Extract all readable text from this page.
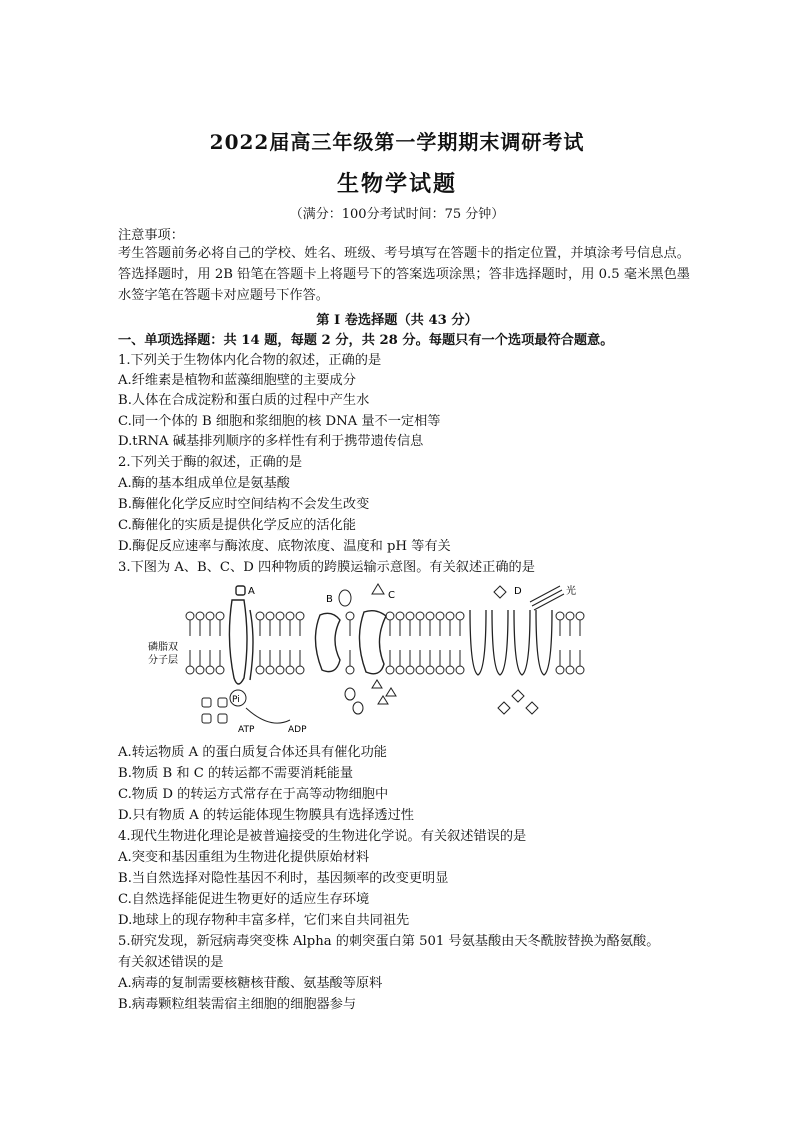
2022届高三年级第一学期期末调研考试
生物学试题
（满分：100分考试时间：75 分钟）
注意事项：
考生答题前务必将自己的学校、姓名、班级、考号填写在答题卡的指定位置，并填涂考号信息点。答选择题时，用 2B 铅笔在答题卡上将题号下的答案选项涂黑；答非选择题时，用 0.5 毫米黑色墨水签字笔在答题卡对应题号下作答。
第 I 卷选择题（共 43 分）
一、单项选择题：共 14 题，每题 2 分，共 28 分。每题只有一个选项最符合题意。
1.下列关于生物体内化合物的叙述，正确的是
A.纤维素是植物和蓝藻细胞壁的主要成分
B.人体在合成淀粉和蛋白质的过程中产生水
C.同一个体的 B 细胞和浆细胞的核 DNA 量不一定相等
D.tRNA 碱基排列顺序的多样性有利于携带遗传信息
2.下列关于酶的叙述，正确的是
A.酶的基本组成单位是氨基酸
B.酶催化化学反应时空间结构不会发生改变
C.酶催化的实质是提供化学反应的活化能
D.酶促反应速率与酶浓度、底物浓度、温度和 pH 等有关
3.下图为 A、B、C、D 四种物质的跨膜运输示意图。有关叙述正确的是
磷脂双
分子层
A
Pi
ATP	ADP
B	C	D	光
A.转运物质 A 的蛋白质复合体还具有催化功能
B.物质 B 和 C 的转运都不需要消耗能量
C.物质 D 的转运方式常存在于高等动物细胞中
D.只有物质 A 的转运能体现生物膜具有选择透过性
4.现代生物进化理论是被普遍接受的生物进化学说。有关叙述错误的是
A.突变和基因重组为生物进化提供原始材料
B.当自然选择对隐性基因不利时，基因频率的改变更明显
C.自然选择能促进生物更好的适应生存环境
D.地球上的现存物种丰富多样，它们来自共同祖先
5.研究发现，新冠病毒突变株 Alpha 的刺突蛋白第 501 号氨基酸由天冬酰胺替换为酪氨酸。
有关叙述错误的是
A.病毒的复制需要核糖核苷酸、氨基酸等原料
B.病毒颗粒组装需宿主细胞的细胞器参与
